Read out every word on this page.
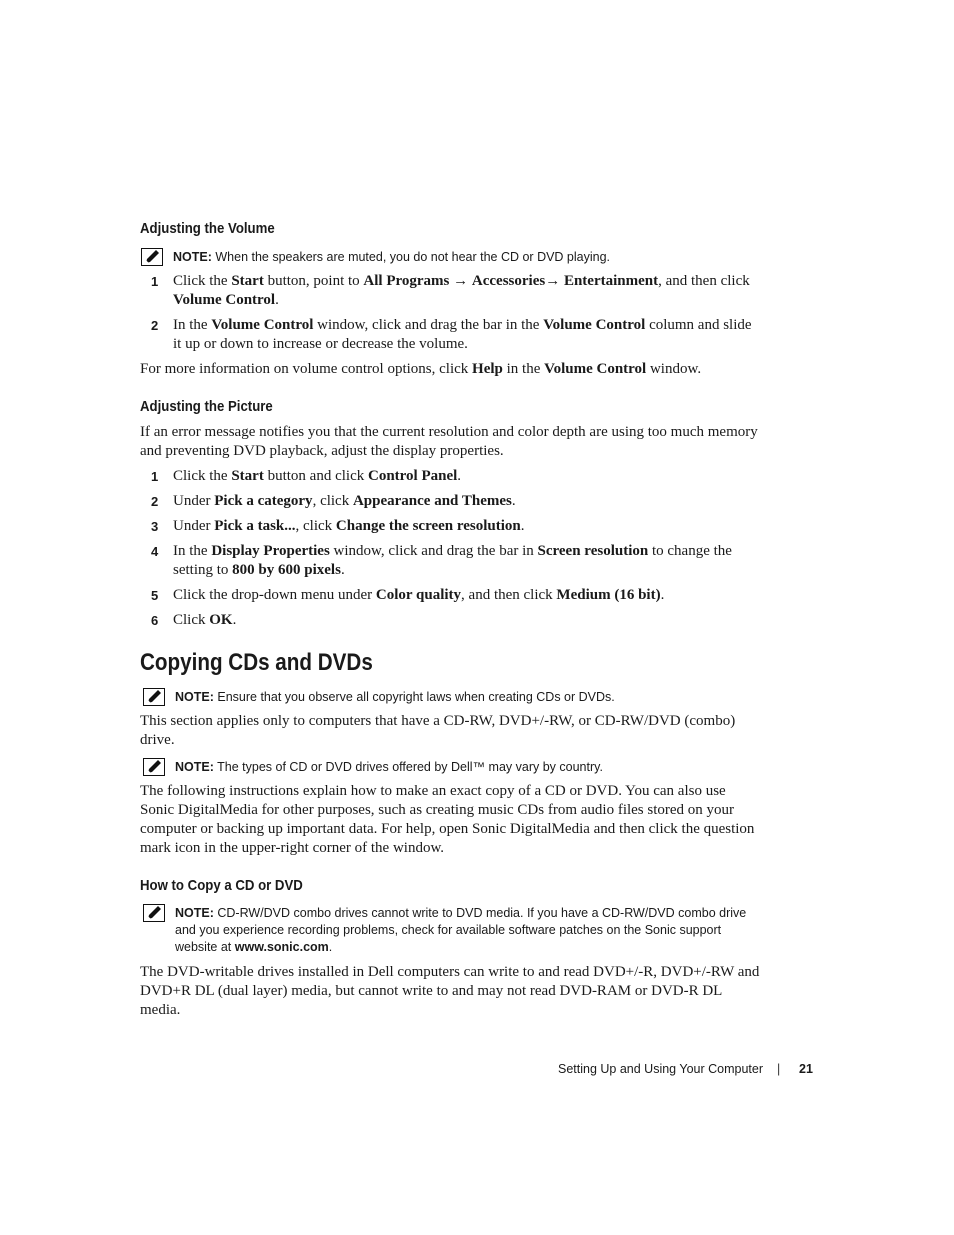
Adjusting the Volume
NOTE: When the speakers are muted, you do not hear the CD or DVD playing.
1 Click the Start button, point to All Programs → Accessories→ Entertainment, and then click Volume Control.
2 In the Volume Control window, click and drag the bar in the Volume Control column and slide it up or down to increase or decrease the volume.
For more information on volume control options, click Help in the Volume Control window.
Adjusting the Picture
If an error message notifies you that the current resolution and color depth are using too much memory and preventing DVD playback, adjust the display properties.
1 Click the Start button and click Control Panel.
2 Under Pick a category, click Appearance and Themes.
3 Under Pick a task..., click Change the screen resolution.
4 In the Display Properties window, click and drag the bar in Screen resolution to change the setting to 800 by 600 pixels.
5 Click the drop-down menu under Color quality, and then click Medium (16 bit).
6 Click OK.
Copying CDs and DVDs
NOTE: Ensure that you observe all copyright laws when creating CDs or DVDs.
This section applies only to computers that have a CD-RW, DVD+/-RW, or CD-RW/DVD (combo) drive.
NOTE: The types of CD or DVD drives offered by Dell™ may vary by country.
The following instructions explain how to make an exact copy of a CD or DVD. You can also use Sonic DigitalMedia for other purposes, such as creating music CDs from audio files stored on your computer or backing up important data. For help, open Sonic DigitalMedia and then click the question mark icon in the upper-right corner of the window.
How to Copy a CD or DVD
NOTE: CD-RW/DVD combo drives cannot write to DVD media. If you have a CD-RW/DVD combo drive and you experience recording problems, check for available software patches on the Sonic support website at www.sonic.com.
The DVD-writable drives installed in Dell computers can write to and read DVD+/-R, DVD+/-RW and DVD+R DL (dual layer) media, but cannot write to and may not read DVD-RAM or DVD-R DL media.
Setting Up and Using Your Computer | 21
